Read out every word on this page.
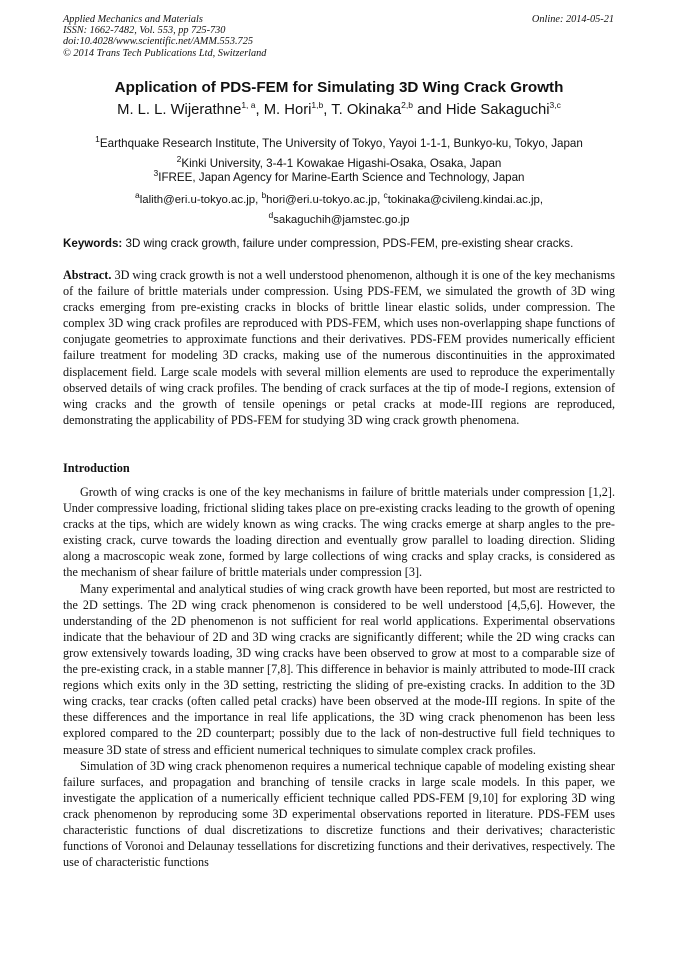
Applied Mechanics and Materials
ISSN: 1662-7482, Vol. 553, pp 725-730
doi:10.4028/www.scientific.net/AMM.553.725
© 2014 Trans Tech Publications Ltd, Switzerland
Online: 2014-05-21
Application of PDS-FEM for Simulating 3D Wing Crack Growth
M. L. L. Wijerathne$^{1, a}$, M. Hori$^{1,b}$, T. Okinaka$^{2,b}$ and Hide Sakaguchi$^{3,c}$
$^1$Earthquake Research Institute, The University of Tokyo, Yayoi 1-1-1, Bunkyo-ku, Tokyo, Japan
$^2$Kinki University, 3-4-1 Kowakae Higashi-Osaka, Osaka, Japan
$^3$IFREE, Japan Agency for Marine-Earth Science and Technology, Japan
$^a$lalith@eri.u-tokyo.ac.jp, $^b$hori@eri.u-tokyo.ac.jp, $^c$tokinaka@civileng.kindai.ac.jp,
$^d$sakaguchih@jamstec.go.jp
Keywords: 3D wing crack growth, failure under compression, PDS-FEM, pre-existing shear cracks.
Abstract. 3D wing crack growth is not a well understood phenomenon, although it is one of the key mechanisms of the failure of brittle materials under compression. Using PDS-FEM, we simulated the growth of 3D wing cracks emerging from pre-existing cracks in blocks of brittle linear elastic solids, under compression. The complex 3D wing crack profiles are reproduced with PDS-FEM, which uses non-overlapping shape functions of conjugate geometries to approximate functions and their derivatives. PDS-FEM provides numerically efficient failure treatment for modeling 3D cracks, making use of the numerous discontinuities in the approximated displacement field. Large scale models with several million elements are used to reproduce the experimentally observed details of wing crack profiles. The bending of crack surfaces at the tip of mode-I regions, extension of wing cracks and the growth of tensile openings or petal cracks at mode-III regions are reproduced, demonstrating the applicability of PDS-FEM for studying 3D wing crack growth phenomena.
Introduction

Growth of wing cracks is one of the key mechanisms in failure of brittle materials under compression [1,2]. Under compressive loading, frictional sliding takes place on pre-existing cracks leading to the growth of opening cracks at the tips, which are widely known as wing cracks. The wing cracks emerge at sharp angles to the pre-existing crack, curve towards the loading direction and eventually grow parallel to loading direction. Sliding along a macroscopic weak zone, formed by large collections of wing cracks and splay cracks, is considered as the mechanism of shear failure of brittle materials under compression [3].

Many experimental and analytical studies of wing crack growth have been reported, but most are restricted to the 2D settings. The 2D wing crack phenomenon is considered to be well understood [4,5,6]. However, the understanding of the 2D phenomenon is not sufficient for real world applications. Experimental observations indicate that the behaviour of 2D and 3D wing cracks are significantly different; while the 2D wing cracks can grow extensively towards loading, 3D wing cracks have been observed to grow at most to a comparable size of the pre-existing crack, in a stable manner [7,8]. This difference in behavior is mainly attributed to mode-III crack regions which exits only in the 3D setting, restricting the sliding of pre-existing cracks. In addition to the 3D wing cracks, tear cracks (often called petal cracks) have been observed at the mode-III regions. In spite of the these differences and the importance in real life applications, the 3D wing crack phenomenon has been less explored compared to the 2D counterpart; possibly due to the lack of non-destructive full field techniques to measure 3D state of stress and efficient numerical techniques to simulate complex crack profiles.

Simulation of 3D wing crack phenomenon requires a numerical technique capable of modeling existing shear failure surfaces, and propagation and branching of tensile cracks in large scale models. In this paper, we investigate the application of a numerically efficient technique called PDS-FEM [9,10] for exploring 3D wing crack phenomenon by reproducing some 3D experimental observations reported in literature. PDS-FEM uses characteristic functions of dual discretizations to discretize functions and their derivatives; characteristic functions of Voronoi and Delaunay tessellations for discretizing functions and their derivatives, respectively. The use of characteristic functions
